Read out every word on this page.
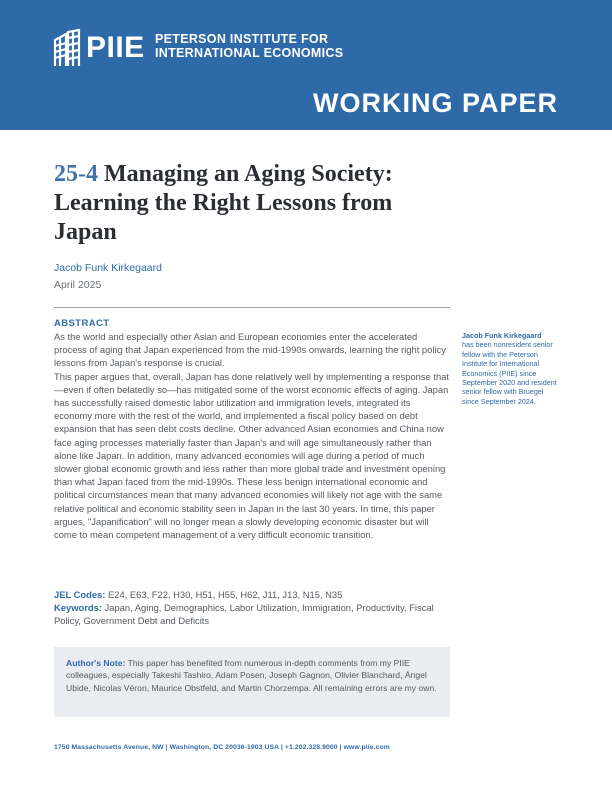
PIIE PETERSON INSTITUTE FOR INTERNATIONAL ECONOMICS
WORKING PAPER
25-4 Managing an Aging Society: Learning the Right Lessons from Japan
Jacob Funk Kirkegaard
April 2025
ABSTRACT

As the world and especially other Asian and European economies enter the accelerated process of aging that Japan experienced from the mid-1990s onwards, learning the right policy lessons from Japan's response is crucial.

This paper argues that, overall, Japan has done relatively well by implementing a response that—even if often belatedly so—has mitigated some of the worst economic effects of aging. Japan has successfully raised domestic labor utilization and immigration levels, integrated its economy more with the rest of the world, and implemented a fiscal policy based on debt expansion that has seen debt costs decline. Other advanced Asian economies and China now face aging processes materially faster than Japan's and will age simultaneously rather than alone like Japan. In addition, many advanced economies will age during a period of much slower global economic growth and less rather than more global trade and investment opening than what Japan faced from the mid-1990s. These less benign international economic and political circumstances mean that many advanced economies will likely not age with the same relative political and economic stability seen in Japan in the last 30 years. In time, this paper argues, "Japanification" will no longer mean a slowly developing economic disaster but will come to mean competent management of a very difficult economic transition.

Jacob Funk Kirkegaard
has been nonresident senior fellow with the Peterson Institute for International Economics (PIIE) since September 2020 and resident senior fellow with Bruegel since September 2024.
JEL Codes: E24, E63, F22, H30, H51, H55, H62, J11, J13, N15, N35
Keywords: Japan, Aging, Demographics, Labor Utilization, Immigration, Productivity, Fiscal Policy, Government Debt and Deficits

Author's Note: This paper has benefited from numerous in-depth comments from my PIIE colleagues, especially Takeshi Tashiro, Adam Posen, Joseph Gagnon, Olivier Blanchard, Ángel Ubide, Nicolas Véron, Maurice Obstfeld, and Martin Chorzempa. All remaining errors are my own.

1750 Massachusetts Avenue, NW | Washington, DC 20036-1903 USA | +1.202.328.9000 | www.piie.com
